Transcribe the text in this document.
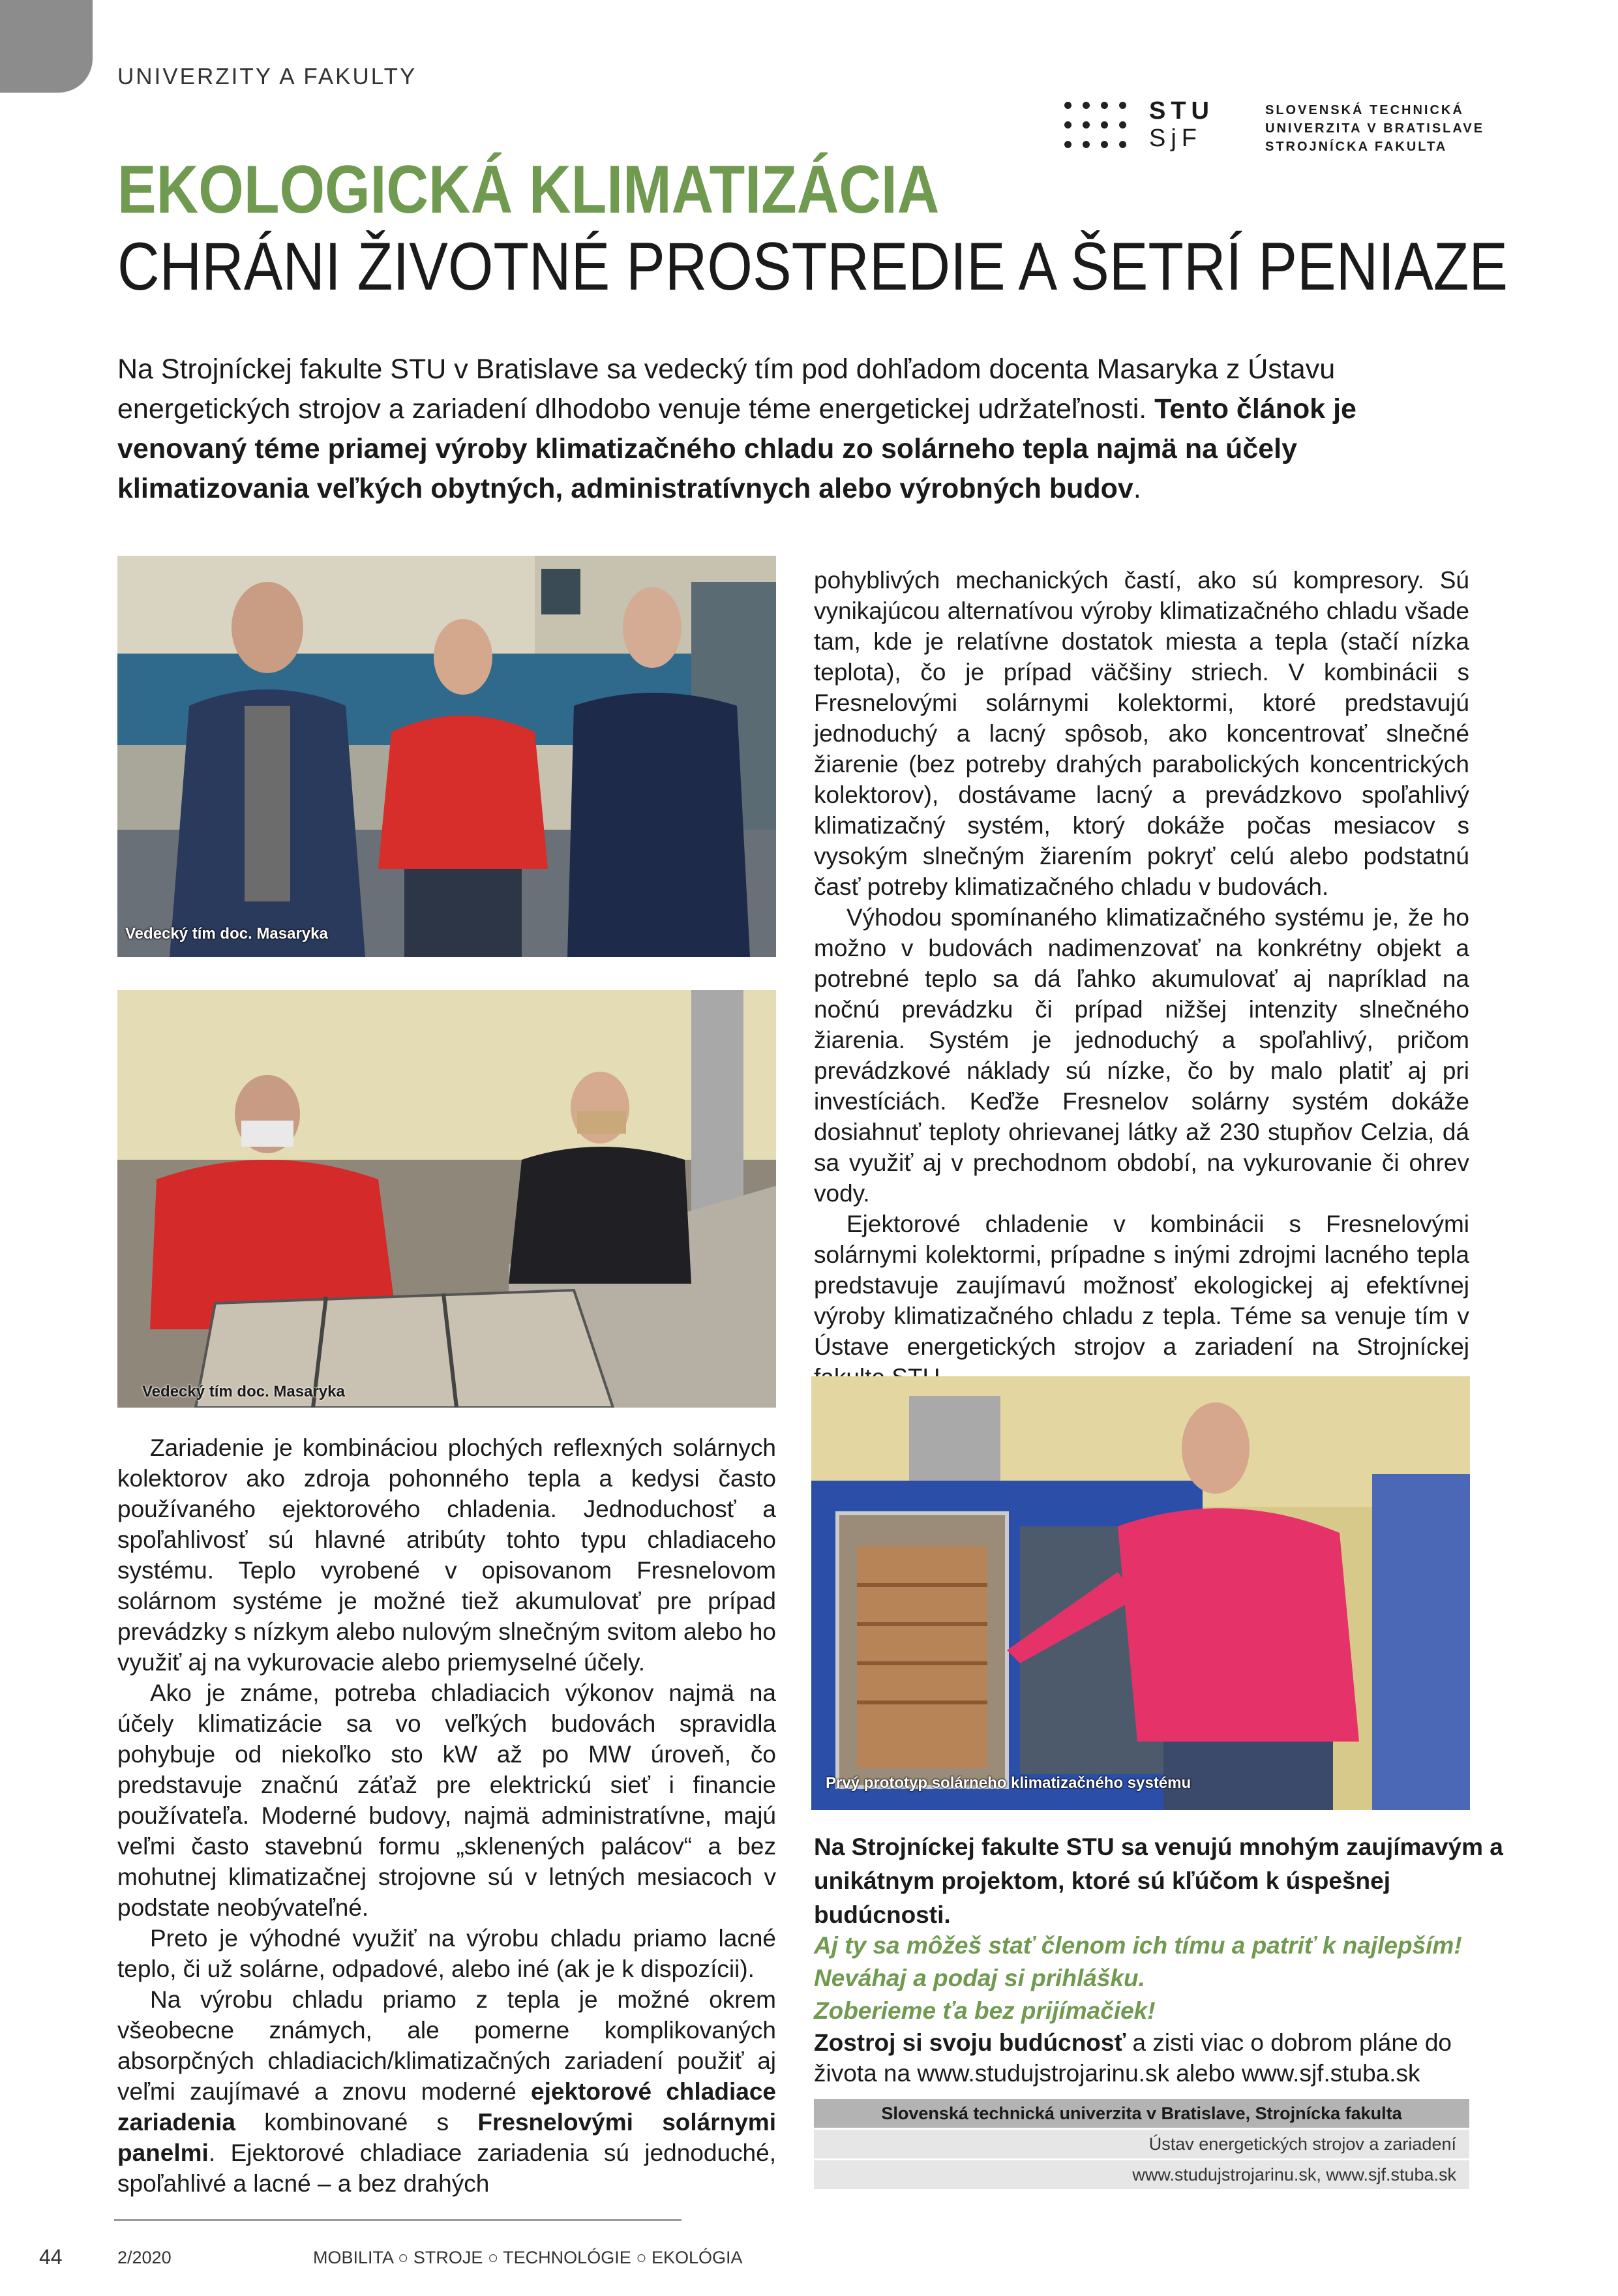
UNIVERZITY A FAKULTY
STU
SjF
SLOVENSKÁ TECHNICKÁ
UNIVERZITA V BRATISLAVE
STROJNÍCKA FAKULTA
EKOLOGICKÁ KLIMATIZÁCIA
CHRÁNI ŽIVOTNÉ PROSTREDIE A ŠETRÍ PENIAZE
Na Strojníckej fakulte STU v Bratislave sa vedecký tím pod dohľadom docenta Masaryka z Ústavu energetických strojov a zariadení dlhodobo venuje téme energetickej udržateľnosti. Tento článok je venovaný téme priamej výroby klimatizačného chladu zo solárneho tepla najmä na účely klimatizovania veľkých obytných, administratívnych alebo výrobných budov.
Vedecký tím doc. Masaryka
Vedecký tím doc. Masaryka

Zariadenie je kombináciou plochých reflexných solárnych kolektorov ako zdroja pohonného tepla a kedysi často používaného ejektorového chladenia. Jednoduchosť a spoľahlivosť sú hlavné atribúty tohto typu chladiaceho systému. Teplo vyrobené v opisovanom Fresnelovom solárnom systéme je možné tiež akumulovať pre prípad prevádzky s nízkym alebo nulovým slnečným svitom alebo ho využiť aj na vykurovacie alebo priemyselné účely.

Ako je známe, potreba chladiacich výkonov najmä na účely klimatizácie sa vo veľkých budovách spravidla pohybuje od niekoľko sto kW až po MW úroveň, čo predstavuje značnú záťaž pre elektrickú sieť i financie používateľa. Moderné budovy, najmä administratívne, majú veľmi často stavebnú formu „sklenených palácov“ a bez mohutnej klimatizačnej strojovne sú v letných mesiacoch v podstate neobývateľné.

Preto je výhodné využiť na výrobu chladu priamo lacné teplo, či už solárne, odpadové, alebo iné (ak je k dispozícii).

Na výrobu chladu priamo z tepla je možné okrem všeobecne známych, ale pomerne komplikovaných absorpčných chladiacich/klimatizačných zariadení použiť aj veľmi zaujímavé a znovu moderné ejektorové chladiace zariadenia kombinované s Fresnelovými solárnymi panelmi. Ejektorové chladiace zariadenia sú jednoduché, spoľahlivé a lacné – a bez drahých

pohyblivých mechanických častí, ako sú kompresory. Sú vynikajúcou alternatívou výroby klimatizačného chladu všade tam, kde je relatívne dostatok miesta a tepla (stačí nízka teplota), čo je prípad väčšiny striech. V kombinácii s Fresnelovými solárnymi kolektormi, ktoré predstavujú jednoduchý a lacný spôsob, ako koncentrovať slnečné žiarenie (bez potreby drahých parabolických koncentrických kolektorov), dostávame lacný a prevádzkovo spoľahlivý klimatizačný systém, ktorý dokáže počas mesiacov s vysokým slnečným žiarením pokryť celú alebo podstatnú časť potreby klimatizačného chladu v budovách.

Výhodou spomínaného klimatizačného systému je, že ho možno v budovách nadimenzovať na konkrétny objekt a potrebné teplo sa dá ľahko akumulovať aj napríklad na nočnú prevádzku či prípad nižšej intenzity slnečného žiarenia. Systém je jednoduchý a spoľahlivý, pričom prevádzkové náklady sú nízke, čo by malo platiť aj pri investíciách. Keďže Fresnelov solárny systém dokáže dosiahnuť teploty ohrievanej látky až 230 stupňov Celzia, dá sa využiť aj v prechodnom období, na vykurovanie či ohrev vody.

Ejektorové chladenie v kombinácii s Fresnelovými solárnymi kolektormi, prípadne s inými zdrojmi lacného tepla predstavuje zaujímavú možnosť ekologickej aj efektívnej výroby klimatizačného chladu z tepla. Téme sa venuje tím v Ústave energetických strojov a zariadení na Strojníckej

Prvý prototyp solárneho klimatizačného systému
Na Strojníckej fakulte STU sa venujú mnohým zaujímavým a unikátnym projektom, ktoré sú kľúčom k úspešnej budúcnosti.
Aj ty sa môžeš stať členom ich tímu a patriť k najlepším!
Neváhaj a podaj si prihlášku.
Zoberieme ťa bez prijímačiek!
Zostroj si svoju budúcnosť a zisti viac o dobrom pláne do života na www.studujstrojarinu.sk alebo www.sjf.stuba.sk
Slovenská technická univerzita v Bratislave, Strojnícka fakulta
Ústav energetických strojov a zariadení
www.studujstrojarinu.sk, www.sjf.stuba.sk
44	2/2020	MOBILITA ○ STROJE ○ TECHNOLÓGIE ○ EKOLÓGIA
